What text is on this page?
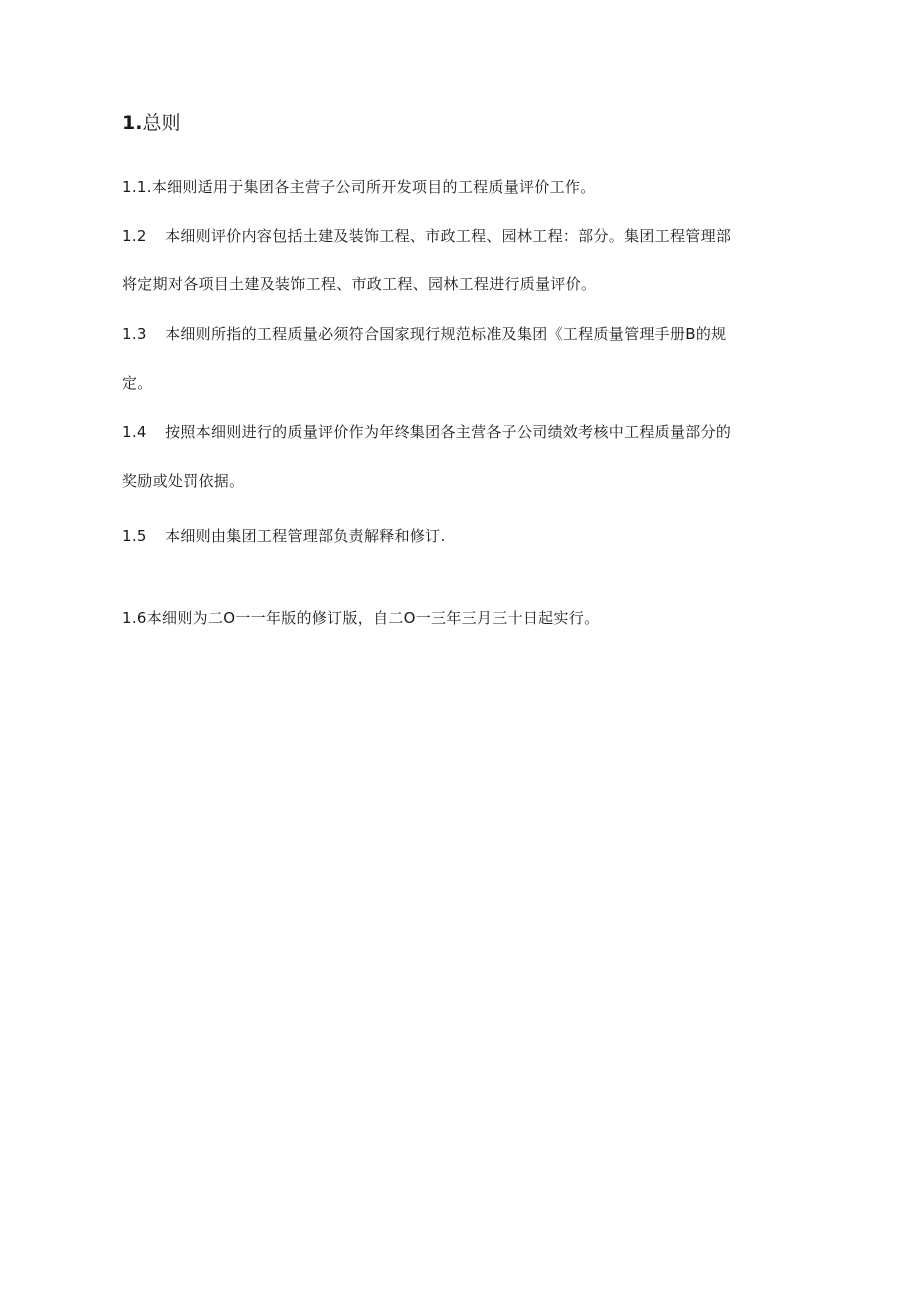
1.总则
1.1.本细则适用于集团各主营子公司所开发项目的工程质量评价工作。
1.2 本细则评价内容包括土建及装饰工程、市政工程、园林工程：部分。集团工程管理部
将定期对各项目土建及装饰工程、市政工程、园林工程进行质量评价。
1.3 本细则所指的工程质量必须符合国家现行规范标准及集团《工程质量管理手册B的规
定。
1.4 按照本细则进行的质量评价作为年终集团各主营各子公司绩效考核中工程质量部分的
奖励或处罚依据。
1.5 本细则由集团工程管理部负责解释和修订.
1.6本细则为二O一一年版的修订版，自二O一三年三月三十日起实行。
